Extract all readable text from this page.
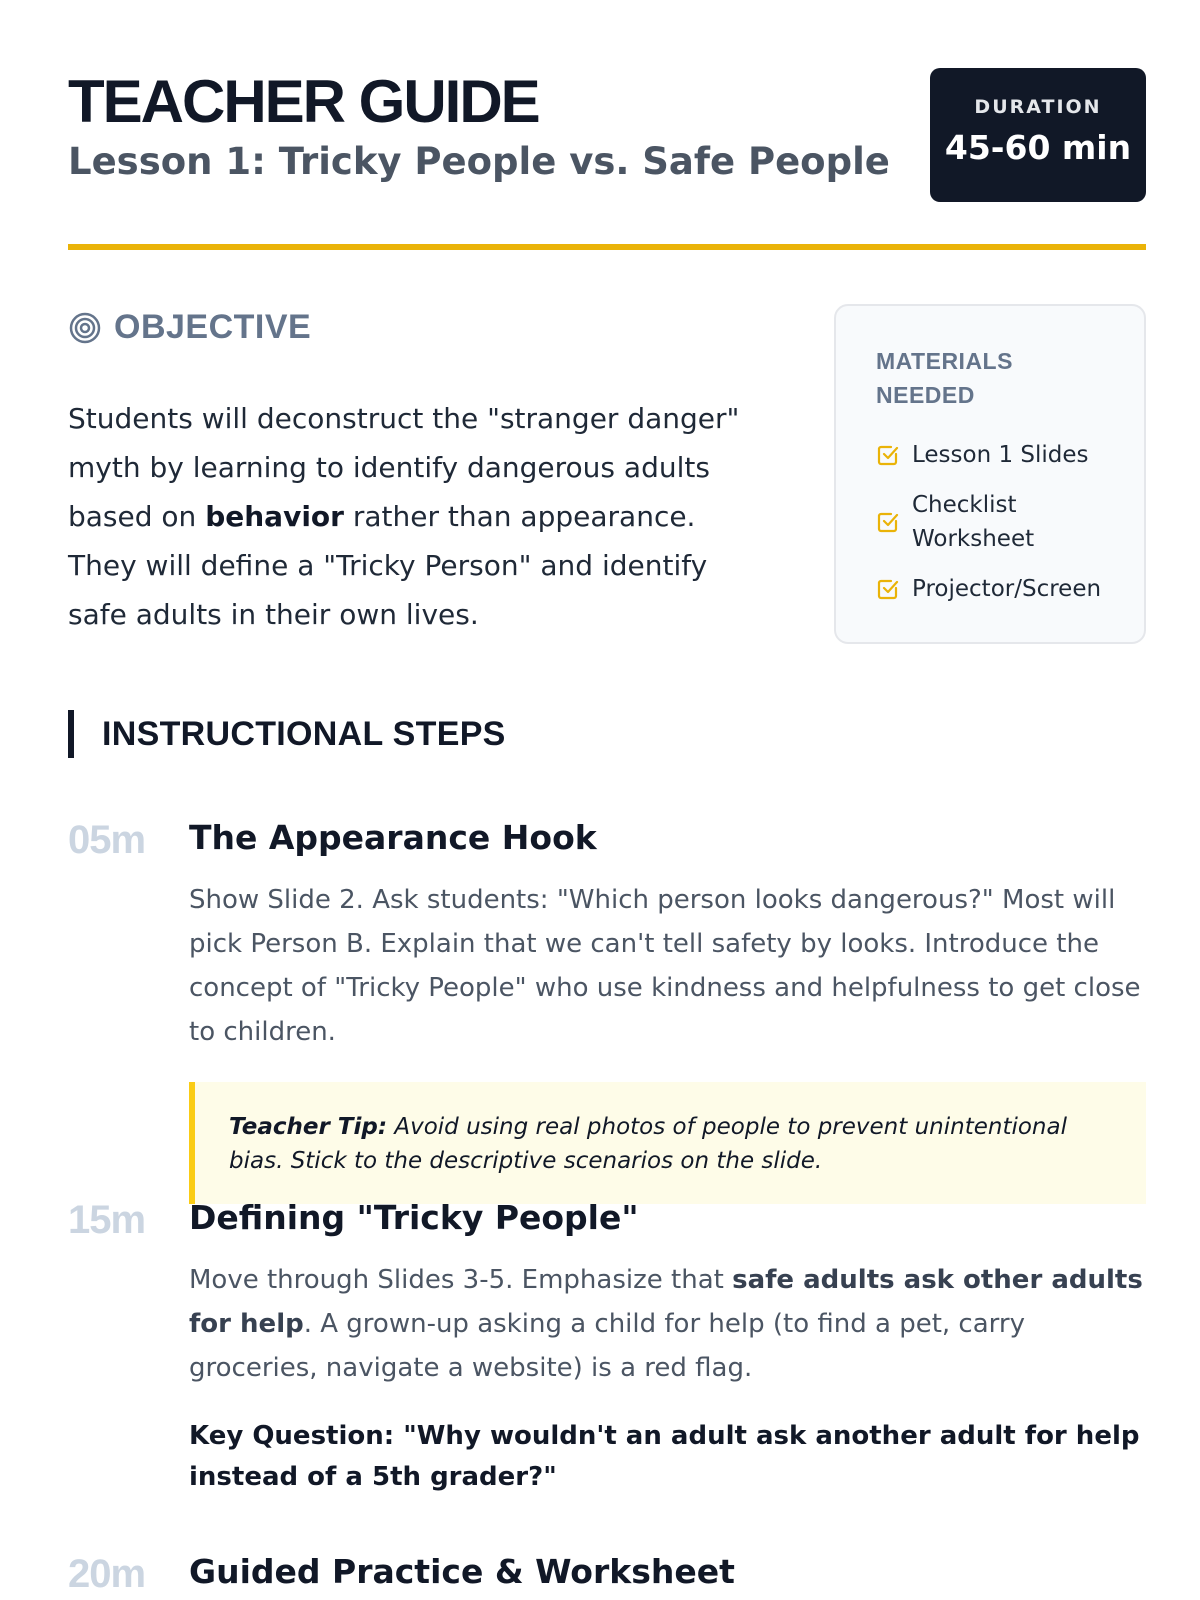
TEACHER GUIDE
Lesson 1: Tricky People vs. Safe People
DURATION
45-60 min
OBJECTIVE

Students will deconstruct the "stranger danger" myth by learning to identify dangerous adults based on behavior rather than appearance. They will define a "Tricky Person" and identify safe adults in their own lives.

MATERIALS NEEDED
Lesson 1 Slides
Checklist Worksheet
Projector/Screen
INSTRUCTIONAL STEPS
05m The Appearance Hook

Show Slide 2. Ask students: "Which person looks dangerous?" Most will pick Person B. Explain that we can't tell safety by looks. Introduce the concept of "Tricky People" who use kindness and helpfulness to get close to children.

Teacher Tip: Avoid using real photos of people to prevent unintentional bias. Stick to the descriptive scenarios on the slide.
15m Defining "Tricky People"

Move through Slides 3-5. Emphasize that safe adults ask other adults for help. A grown-up asking a child for help (to find a pet, carry groceries, navigate a website) is a red flag.

Key Question: "Why wouldn't an adult ask another adult for help instead of a 5th grader?"

20m Guided Practice & Worksheet
